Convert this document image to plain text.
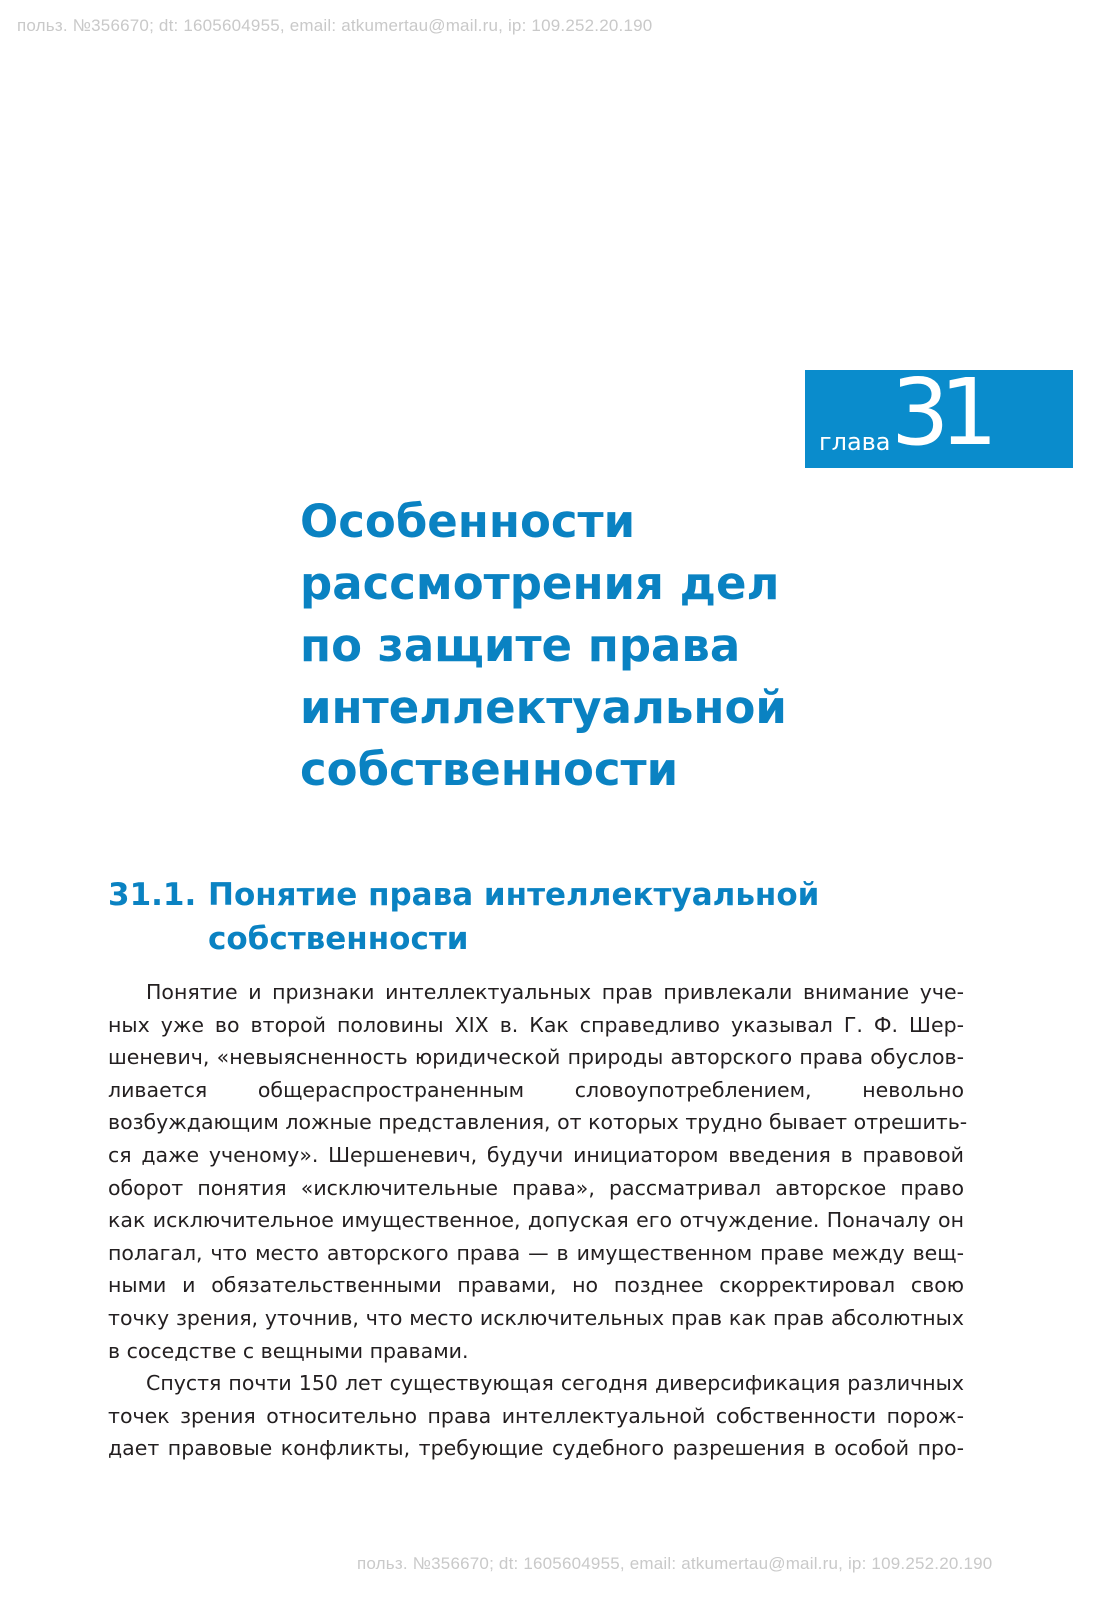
польз. №356670; dt: 1605604955, email: atkumertau@mail.ru, ip: 109.252.20.190
глава 31
Особенности
рассмотрения дел
по защите права
интеллектуальной
собственности
31.1. Понятие права интеллектуальной
собственности
Понятие и признаки интеллектуальных прав привлекали внимание уче-
ных уже во второй половины XIX в. Как справедливо указывал Г. Ф. Шер-
шеневич, «невыясненность юридической природы авторского права обуслов-
ливается общераспространенным словоупотреблением, невольно
возбуждающим ложные представления, от которых трудно бывает отрешить-
ся даже ученому». Шершеневич, будучи инициатором введения в правовой
оборот понятия «исключительные права», рассматривал авторское право
как исключительное имущественное, допуская его отчуждение. Поначалу он
полагал, что место авторского права — в имущественном праве между вещ-
ными и обязательственными правами, но позднее скорректировал свою
точку зрения, уточнив, что место исключительных прав как прав абсолютных
в соседстве с вещными правами.
Спустя почти 150 лет существующая сегодня диверсификация различных
точек зрения относительно права интеллектуальной собственности порож-
дает правовые конфликты, требующие судебного разрешения в особой про-
польз. №356670; dt: 1605604955, email: atkumertau@mail.ru, ip: 109.252.20.190
